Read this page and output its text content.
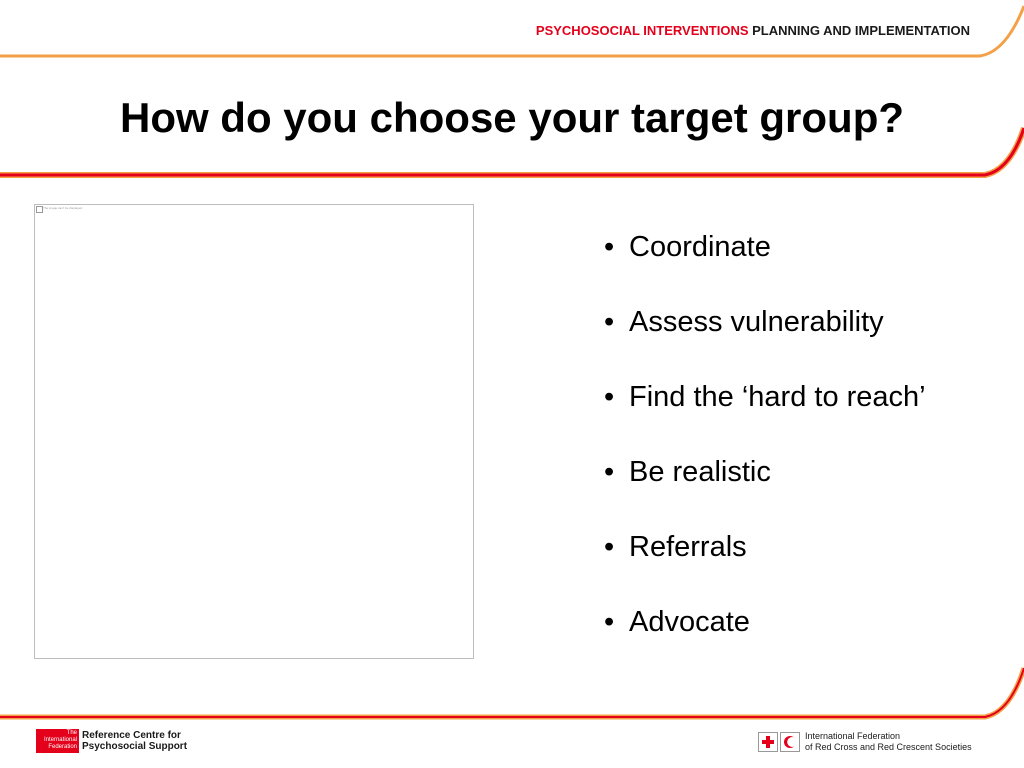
PSYCHOSOCIAL INTERVENTIONS PLANNING AND IMPLEMENTATION
How do you choose your target group?
The image can't be displayed.
• Coordinate
• Assess vulnerability
• Find the ‘hard to reach’
• Be realistic
• Referrals
• Advocate
The
International
Federation
Reference Centre for
Psychosocial Support
International Federation
of Red Cross and Red Crescent Societies
